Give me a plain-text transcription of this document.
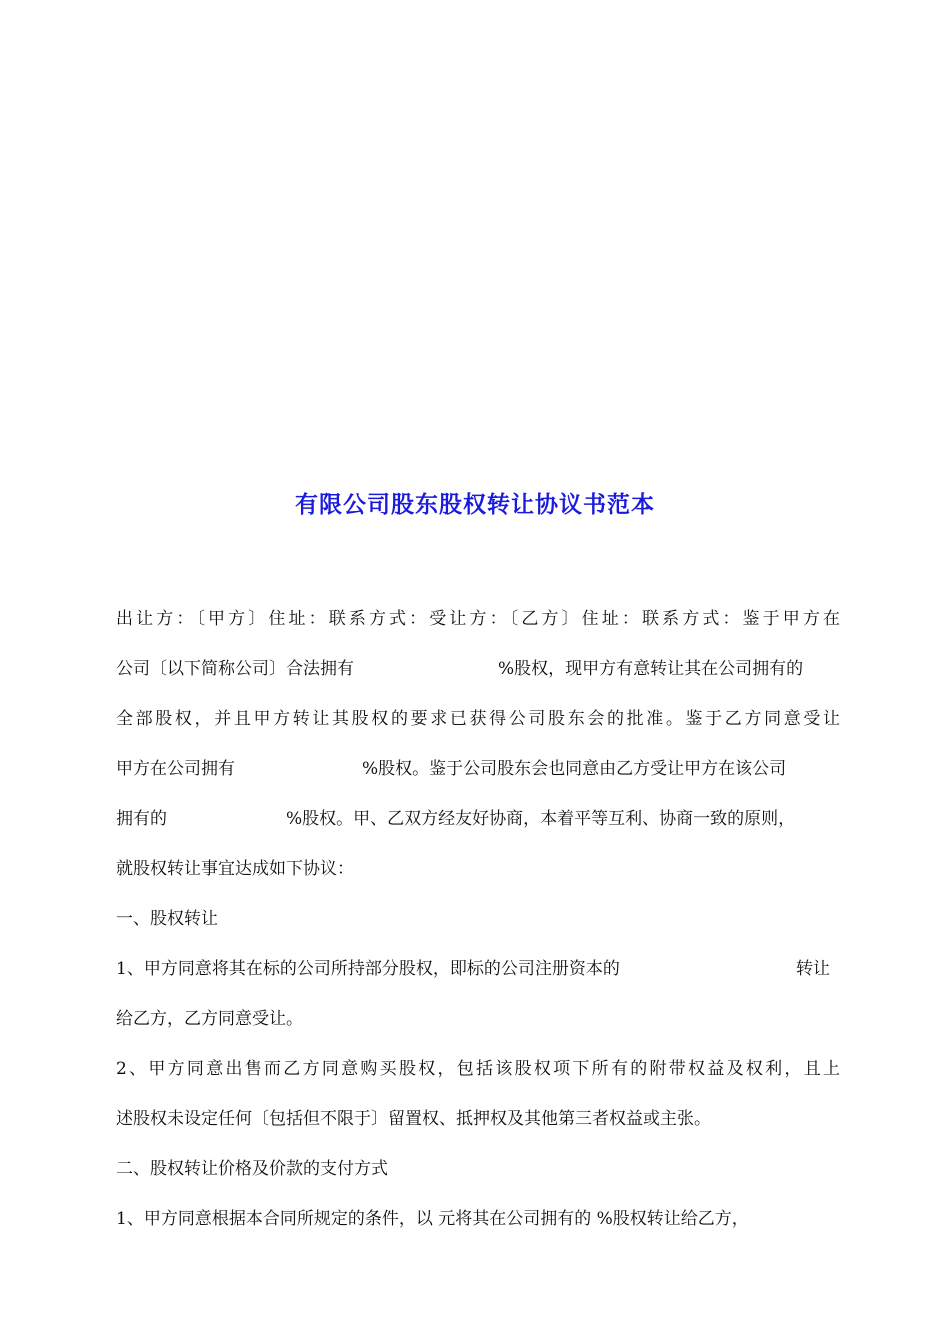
有限公司股东股权转让协议书范本
出让方：〔甲方〕住址：联系方式：受让方：〔乙方〕住址：联系方式：鉴于甲方在
公司〔以下简称公司〕合法拥有	%股权，现甲方有意转让其在公司拥有的
全部股权，并且甲方转让其股权的要求已获得公司股东会的批准。鉴于乙方同意受让
甲方在公司拥有	%股权。鉴于公司股东会也同意由乙方受让甲方在该公司
拥有的	%股权。甲、乙双方经友好协商，本着平等互利、协商一致的原则，
就股权转让事宜达成如下协议：
一、股权转让
1、甲方同意将其在标的公司所持部分股权，即标的公司注册资本的	转让
给乙方，乙方同意受让。
2、甲方同意出售而乙方同意购买股权，包括该股权项下所有的附带权益及权利，且上
述股权未设定任何〔包括但不限于〕留置权、抵押权及其他第三者权益或主张。
二、股权转让价格及价款的支付方式
1、甲方同意根据本合同所规定的条件，以 元将其在公司拥有的 %股权转让给乙方，
